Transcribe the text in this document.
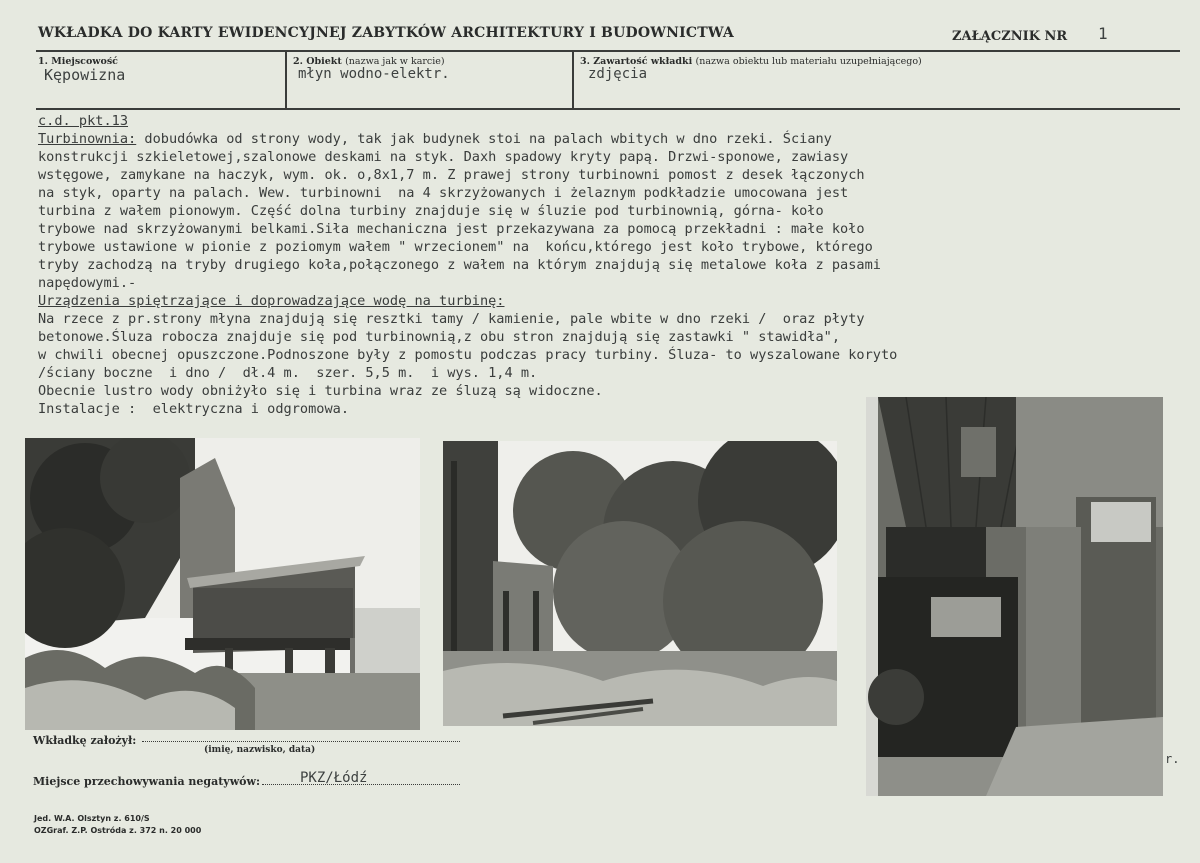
WKŁADKA DO KARTY EWIDENCYJNEJ ZABYTKÓW ARCHITEKTURY I BUDOWNICTWA	ZAŁĄCZNIK NR 1
1. Miejscowość
Kępowizna
2. Obiekt (nazwa jak w karcie)
młyn wodno-elektr.
3. Zawartość wkładki (nazwa obiektu lub materiału uzupełniającego)
zdjęcia
c.d. pkt.13
Turbinownia: dobudówka od strony wody, tak jak budynek stoi na palach wbitych w dno rzeki. Ściany
konstrukcji szkieletowej,szalonowe deskami na styk. Daxh spadowy kryty papą. Drzwi-sponowe, zawiasy
wstęgowe, zamykane na haczyk, wym. ok. o,8x1,7 m. Z prawej strony turbinowni pomost z desek łączonych
na styk, oparty na palach. Wew. turbinowni  na 4 skrzyżowanych i żelaznym podkładzie umocowana jest
turbina z wałem pionowym. Część dolna turbiny znajduje się w śluzie pod turbinownią, górna- koło
trybowe nad skrzyżowanymi belkami.Siła mechaniczna jest przekazywana za pomocą przekładni : małe koło
trybowe ustawione w pionie z poziomym wałem " wrzecionem" na  końcu,którego jest koło trybowe, którego
tryby zachodzą na tryby drugiego koła,połączonego z wałem na którym znajdują się metalowe koła z pasami
napędowymi.-
Urządzenia spiętrzające i doprowadzające wodę na turbinę:
Na rzece z pr.strony młyna znajdują się resztki tamy / kamienie, pale wbite w dno rzeki /  oraz płyty
betonowe.Śluza robocza znajduje się pod turbinownią,z obu stron znajdują się zastawki " stawidła",
w chwili obecnej opuszczone.Podnoszone były z pomostu podczas pracy turbiny. Śluza- to wyszalowane koryto
/ściany boczne  i dno /  dł.4 m.  szer. 5,5 m.  i wys. 1,4 m.
Obecnie lustro wody obniżyło się i turbina wraz ze śluzą są widoczne.
Instalacje :  elektryczna i odgromowa.
Wkładkę założył:
(imię, nazwisko, data)
Miejsce przechowywania negatywów:	PKZ/Łódź
Jed. W.A. Olsztyn z. 610/S
OZGraf. Z.P. Ostróda z. 372 n. 20 000
r.
